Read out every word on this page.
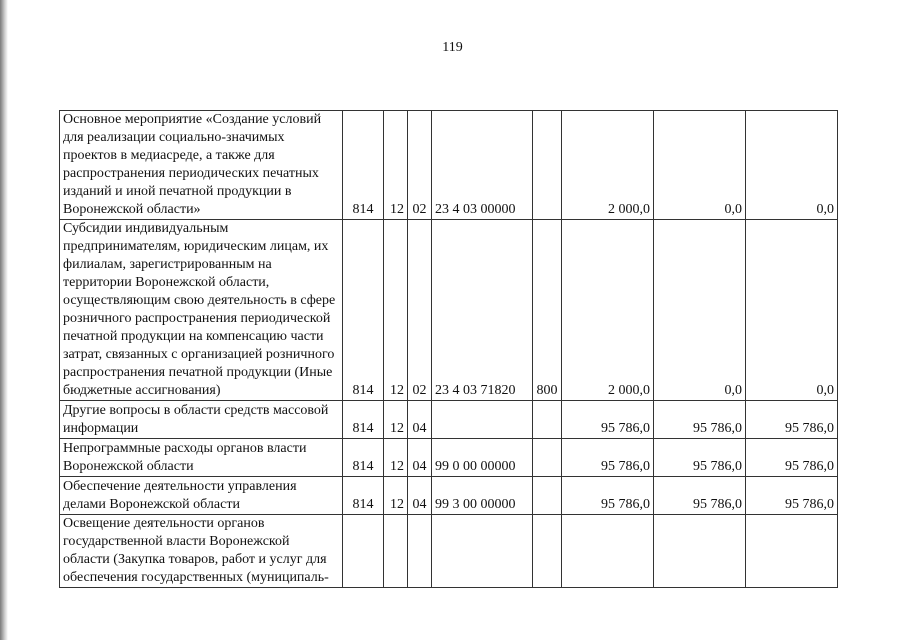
119
Основное мероприятие «Создание условий для реализации социально-значимых проектов в медиасреде, а также для распространения периодических печатных изданий и иной печатной продукции в Воронежской области»	814	12	02	23 4 03 00000		2 000,0	0,0	0,0
Субсидии индивидуальным предпринимателям, юридическим лицам, их филиалам, зарегистрированным на территории Воронежской области, осуществляющим свою деятельность в сфере розничного распространения периодической печатной продукции на компенсацию части затрат, связанных с организацией розничного распространения печатной продукции (Иные бюджетные ассигнования)	814	12	02	23 4 03 71820	800	2 000,0	0,0	0,0
Другие вопросы в области средств массовой информации	814	12	04			95 786,0	95 786,0	95 786,0
Непрограммные расходы органов власти Воронежской области	814	12	04	99 0 00 00000		95 786,0	95 786,0	95 786,0
Обеспечение деятельности управления делами Воронежской области	814	12	04	99 3 00 00000		95 786,0	95 786,0	95 786,0
Освещение деятельности органов государственной власти Воронежской области (Закупка товаров, работ и услуг для обеспечения государственных (муниципаль-								
